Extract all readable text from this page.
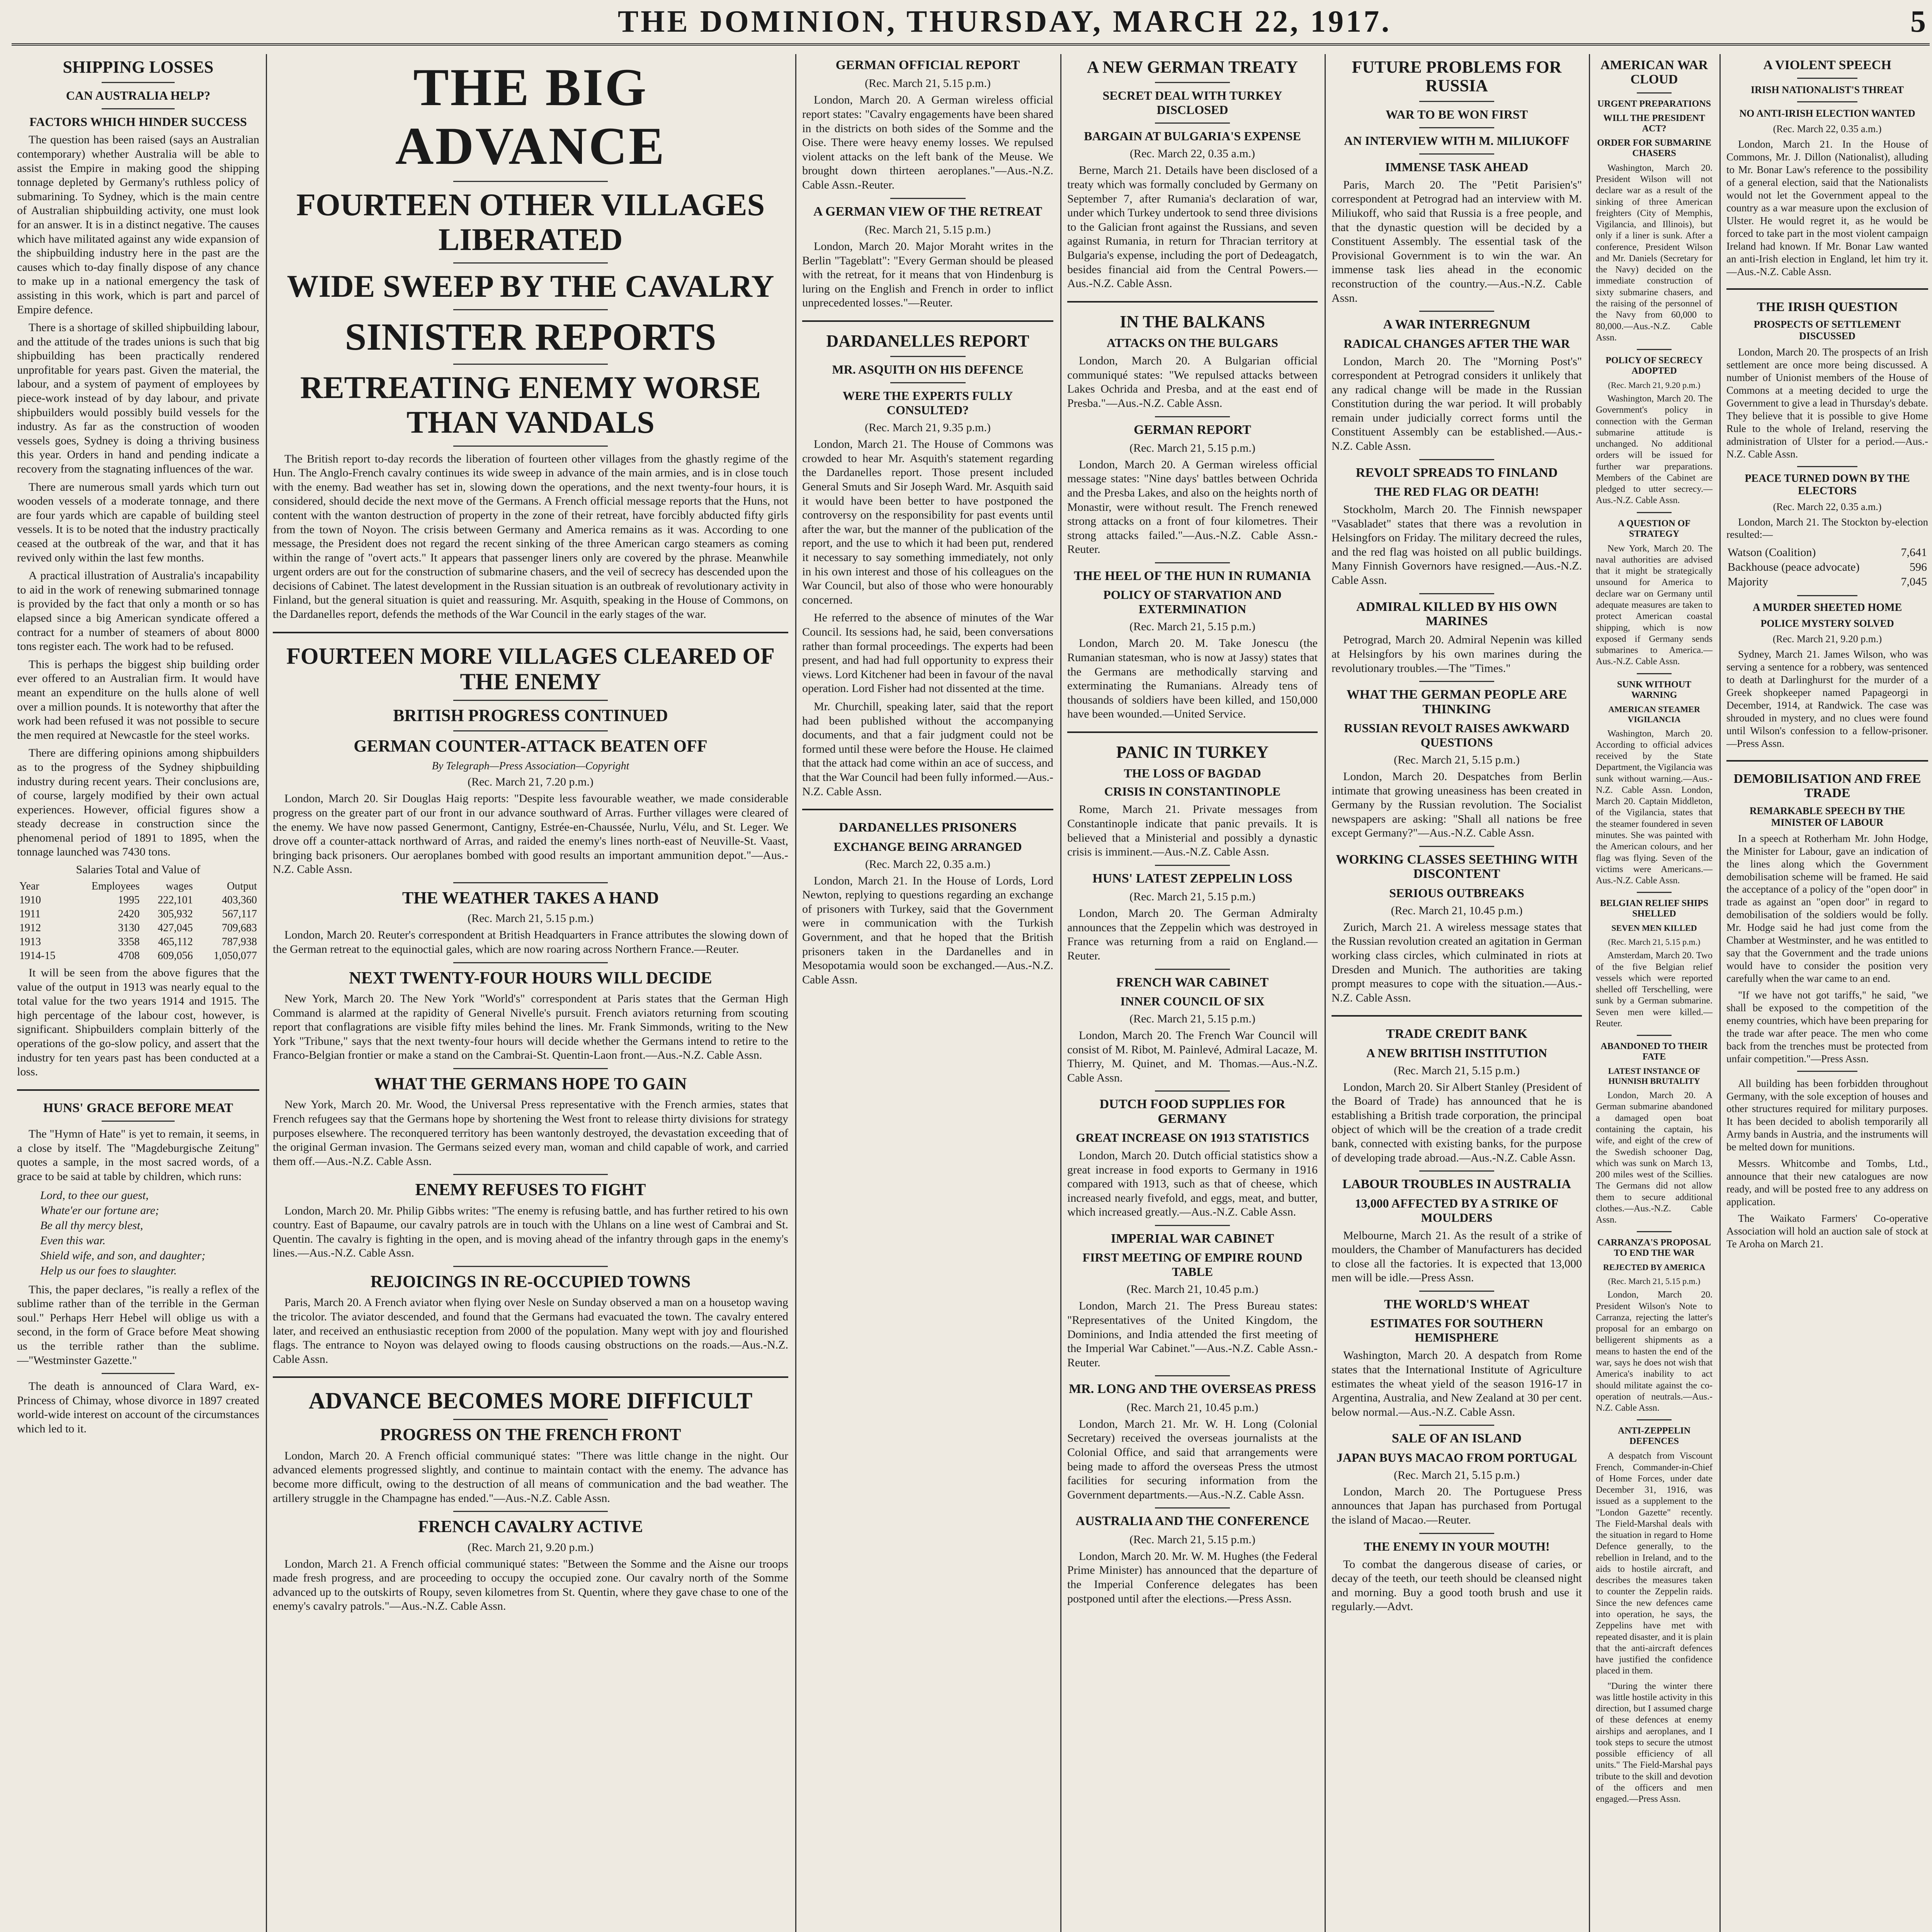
THE DOMINION, THURSDAY, MARCH 22, 1917.	5
SHIPPING LOSSES
CAN AUSTRALIA HELP?
FACTORS WHICH HINDER SUCCESS

The question has been raised (says an Australian contemporary) whether Australia will be able to assist the Empire in making good the shipping tonnage depleted by Germany's ruthless policy of submarining. To Sydney, which is the main centre of Australian shipbuilding activity, one must look for an answer. It is in a distinct negative. The causes which have militated against any wide expansion of the shipbuilding industry here in the past are the causes which to-day finally dispose of any chance to make up in a national emergency the task of assisting in this work, which is part and parcel of Empire defence.

There is a shortage of skilled shipbuilding labour, and the attitude of the trades unions is such that big shipbuilding has been practically rendered unprofitable for years past. Given the material, the labour, and a system of payment of employees by piece-work instead of by day labour, and private shipbuilders would possibly build vessels for the industry. As far as the construction of wooden vessels goes, Sydney is doing a thriving business this year. Orders in hand and pending indicate a recovery from the stagnating influences of the war.

There are numerous small yards which turn out wooden vessels of a moderate tonnage, and there are four yards which are capable of building steel vessels. It is to be noted that the industry practically ceased at the outbreak of the war, and that it has revived only within the last few months.

A practical illustration of Australia's incapability to aid in the work of renewing submarined tonnage is provided by the fact that only a month or so has elapsed since a big American syndicate offered a contract for a number of steamers of about 8000 tons register each. The work had to be refused.

This is perhaps the biggest ship building order ever offered to an Australian firm. It would have meant an expenditure on the hulls alone of well over a million pounds. It is noteworthy that after the work had been refused it was not possible to secure the men required at Newcastle for the steel works.

There are differing opinions among shipbuilders as to the progress of the Sydney shipbuilding industry during recent years. Their conclusions are, of course, largely modified by their own actual experiences. However, official figures show a steady decrease in construction since the phenomenal period of 1891 to 1895, when the tonnage launched was 7430 tons.

Salaries Total and Value of
Year	Employees	wages	Output
1910	1995	222,101	403,360
1911	2420	305,932	567,117
1912	3130	427,045	709,683
1913	3358	465,112	787,938
1914-15	4708	609,056	1,050,077

It will be seen from the above figures that the value of the output in 1913 was nearly equal to the total value for the two years 1914 and 1915. The high percentage of the labour cost, however, is significant. Shipbuilders complain bitterly of the operations of the go-slow policy, and assert that the industry for ten years past has been conducted at a loss.

HUNS' GRACE BEFORE MEAT

The "Hymn of Hate" is yet to remain, it seems, in a close by itself. The "Magdeburgische Zeitung" quotes a sample, in the most sacred words, of a grace to be said at table by children, which runs:

Lord, to thee our guest,
Whate'er our fortune are;
Be all thy mercy blest,
Even this war.
Shield wife, and son, and daughter;
Help us our foes to slaughter.

This, the paper declares, "is really a reflex of the sublime rather than of the terrible in the German soul." Perhaps Herr Hebel will oblige us with a second, in the form of Grace before Meat showing us the terrible rather than the sublime.—"Westminster Gazette."

The death is announced of Clara Ward, ex-Princess of Chimay, whose divorce in 1897 created world-wide interest on account of the circumstances which led to it.

THE BIG ADVANCE
FOURTEEN OTHER VILLAGES LIBERATED
WIDE SWEEP BY THE CAVALRY
SINISTER REPORTS
RETREATING ENEMY WORSE THAN VANDALS

The British report to-day records the liberation of fourteen other villages from the ghastly regime of the Hun. The Anglo-French cavalry continues its wide sweep in advance of the main armies, and is in close touch with the enemy. Bad weather has set in, slowing down the operations, and the next twenty-four hours, it is considered, should decide the next move of the Germans. A French official message reports that the Huns, not content with the wanton destruction of property in the zone of their retreat, have forcibly abducted fifty girls from the town of Noyon. The crisis between Germany and America remains as it was. According to one message, the President does not regard the recent sinking of the three American cargo steamers as coming within the range of "overt acts." It appears that passenger liners only are covered by the phrase. Meanwhile urgent orders are out for the construction of submarine chasers, and the veil of secrecy has descended upon the decisions of Cabinet. The latest development in the Russian situation is an outbreak of revolutionary activity in Finland, but the general situation is quiet and reassuring. Mr. Asquith, speaking in the House of Commons, on the Dardanelles report, defends the methods of the War Council in the early stages of the war.

FOURTEEN MORE VILLAGES CLEARED OF THE ENEMY
BRITISH PROGRESS CONTINUED
GERMAN COUNTER-ATTACK BEATEN OFF
By Telegraph—Press Association—Copyright
(Rec. March 21, 7.20 p.m.)

London, March 20. Sir Douglas Haig reports: "Despite less favourable weather, we made considerable progress on the greater part of our front in our advance southward of Arras. Further villages were cleared of the enemy. We have now passed Genermont, Cantigny, Estrée-en-Chaussée, Nurlu, Vélu, and St. Leger. We drove off a counter-attack northward of Arras, and raided the enemy's lines north-east of Neuville-St. Vaast, bringing back prisoners. Our aeroplanes bombed with good results an important ammunition depot."—Aus.-N.Z. Cable Assn.

THE WEATHER TAKES A HAND
(Rec. March 21, 5.15 p.m.)

London, March 20. Reuter's correspondent at British Headquarters in France attributes the slowing down of the German retreat to the equinoctial gales, which are now roaring across Northern France.—Reuter.

NEXT TWENTY-FOUR HOURS WILL DECIDE

New York, March 20. The New York "World's" correspondent at Paris states that the German High Command is alarmed at the rapidity of General Nivelle's pursuit. French aviators returning from scouting report that conflagrations are visible fifty miles behind the lines. Mr. Frank Simmonds, writing to the New York "Tribune," says that the next twenty-four hours will decide whether the Germans intend to retire to the Franco-Belgian frontier or make a stand on the Cambrai-St. Quentin-Laon front.—Aus.-N.Z. Cable Assn.

WHAT THE GERMANS HOPE TO GAIN

New York, March 20. Mr. Wood, the Universal Press representative with the French armies, states that French refugees say that the Germans hope by shortening the West front to release thirty divisions for strategy purposes elsewhere. The reconquered territory has been wantonly destroyed, the devastation exceeding that of the original German invasion. The Germans seized every man, woman and child capable of work, and carried them off.—Aus.-N.Z. Cable Assn.

ENEMY REFUSES TO FIGHT

London, March 20. Mr. Philip Gibbs writes: "The enemy is refusing battle, and has further retired to his own country. East of Bapaume, our cavalry patrols are in touch with the Uhlans on a line west of Cambrai and St. Quentin. The cavalry is fighting in the open, and is moving ahead of the infantry through gaps in the enemy's lines.—Aus.-N.Z. Cable Assn.

REJOICINGS IN RE-OCCUPIED TOWNS

Paris, March 20. A French aviator when flying over Nesle on Sunday observed a man on a housetop waving the tricolor. The aviator descended, and found that the Germans had evacuated the town. The cavalry entered later, and received an enthusiastic reception from 2000 of the population. Many wept with joy and flourished flags. The entrance to Noyon was delayed owing to floods causing obstructions on the roads.—Aus.-N.Z. Cable Assn.

ADVANCE BECOMES MORE DIFFICULT
PROGRESS ON THE FRENCH FRONT

London, March 20. A French official communiqué states: "There was little change in the night. Our advanced elements progressed slightly, and continue to maintain contact with the enemy. The advance has become more difficult, owing to the destruction of all means of communication and the bad weather. The artillery struggle in the Champagne has ended."—Aus.-N.Z. Cable Assn.

FRENCH CAVALRY ACTIVE
(Rec. March 21, 9.20 p.m.)

London, March 21. A French official communiqué states: "Between the Somme and the Aisne our troops made fresh progress, and are proceeding to occupy the occupied zone. Our cavalry north of the Somme advanced up to the outskirts of Roupy, seven kilometres from St. Quentin, where they gave chase to one of the enemy's cavalry patrols."—Aus.-N.Z. Cable Assn.

GERMAN OFFICIAL REPORT
(Rec. March 21, 5.15 p.m.)

London, March 20. A German wireless official report states: "Cavalry engagements have been shared in the districts on both sides of the Somme and the Oise. There were heavy enemy losses. We repulsed violent attacks on the left bank of the Meuse. We brought down thirteen aeroplanes."—Aus.-N.Z. Cable Assn.-Reuter.

A GERMAN VIEW OF THE RETREAT
(Rec. March 21, 5.15 p.m.)

London, March 20. Major Moraht writes in the Berlin "Tageblatt": "Every German should be pleased with the retreat, for it means that von Hindenburg is luring on the English and French in order to inflict unprecedented losses."—Reuter.

DARDANELLES REPORT
MR. ASQUITH ON HIS DEFENCE
WERE THE EXPERTS FULLY CONSULTED?
(Rec. March 21, 9.35 p.m.)

London, March 21. The House of Commons was crowded to hear Mr. Asquith's statement regarding the Dardanelles report. Those present included General Smuts and Sir Joseph Ward. Mr. Asquith said it would have been better to have postponed the controversy on the responsibility for past events until after the war, but the manner of the publication of the report, and the use to which it had been put, rendered it necessary to say something immediately, not only in his own interest and those of his colleagues on the War Council, but also of those who were honourably concerned.

He referred to the absence of minutes of the War Council. Its sessions had, he said, been conversations rather than formal proceedings. The experts had been present, and had had full opportunity to express their views. Lord Kitchener had been in favour of the naval operation. Lord Fisher had not dissented at the time.

Mr. Churchill, speaking later, said that the report had been published without the accompanying documents, and that a fair judgment could not be formed until these were before the House. He claimed that the attack had come within an ace of success, and that the War Council had been fully informed.—Aus.-N.Z. Cable Assn.

DARDANELLES PRISONERS
EXCHANGE BEING ARRANGED
(Rec. March 22, 0.35 a.m.)

London, March 21. In the House of Lords, Lord Newton, replying to questions regarding an exchange of prisoners with Turkey, said that the Government were in communication with the Turkish Government, and that he hoped that the British prisoners taken in the Dardanelles and in Mesopotamia would soon be exchanged.—Aus.-N.Z. Cable Assn.

A NEW GERMAN TREATY
SECRET DEAL WITH TURKEY DISCLOSED
BARGAIN AT BULGARIA'S EXPENSE
(Rec. March 22, 0.35 a.m.)

Berne, March 21. Details have been disclosed of a treaty which was formally concluded by Germany on September 7, after Rumania's declaration of war, under which Turkey undertook to send three divisions to the Galician front against the Russians, and seven against Rumania, in return for Thracian territory at Bulgaria's expense, including the port of Dedeagatch, besides financial aid from the Central Powers.—Aus.-N.Z. Cable Assn.

IN THE BALKANS
ATTACKS ON THE BULGARS

London, March 20. A Bulgarian official communiqué states: "We repulsed attacks between Lakes Ochrida and Presba, and at the east end of Presba."—Aus.-N.Z. Cable Assn.

GERMAN REPORT
(Rec. March 21, 5.15 p.m.)

London, March 20. A German wireless official message states: "Nine days' battles between Ochrida and the Presba Lakes, and also on the heights north of Monastir, were without result. The French renewed strong attacks on a front of four kilometres. Their strong attacks failed."—Aus.-N.Z. Cable Assn.-Reuter.

THE HEEL OF THE HUN IN RUMANIA
POLICY OF STARVATION AND EXTERMINATION
(Rec. March 21, 5.15 p.m.)

London, March 20. M. Take Jonescu (the Rumanian statesman, who is now at Jassy) states that the Germans are methodically starving and exterminating the Rumanians. Already tens of thousands of soldiers have been killed, and 150,000 have been wounded.—United Service.

PANIC IN TURKEY
THE LOSS OF BAGDAD
CRISIS IN CONSTANTINOPLE

Rome, March 21. Private messages from Constantinople indicate that panic prevails. It is believed that a Ministerial and possibly a dynastic crisis is imminent.—Aus.-N.Z. Cable Assn.

HUNS' LATEST ZEPPELIN LOSS
(Rec. March 21, 5.15 p.m.)

London, March 20. The German Admiralty announces that the Zeppelin which was destroyed in France was returning from a raid on England.—Reuter.

FRENCH WAR CABINET
INNER COUNCIL OF SIX
(Rec. March 21, 5.15 p.m.)

London, March 20. The French War Council will consist of M. Ribot, M. Painlevé, Admiral Lacaze, M. Thierry, M. Quinet, and M. Thomas.—Aus.-N.Z. Cable Assn.

DUTCH FOOD SUPPLIES FOR GERMANY
GREAT INCREASE ON 1913 STATISTICS

London, March 20. Dutch official statistics show a great increase in food exports to Germany in 1916 compared with 1913, such as that of cheese, which increased nearly fivefold, and eggs, meat, and butter, which increased greatly.—Aus.-N.Z. Cable Assn.

IMPERIAL WAR CABINET
FIRST MEETING OF EMPIRE ROUND TABLE
(Rec. March 21, 10.45 p.m.)

London, March 21. The Press Bureau states: "Representatives of the United Kingdom, the Dominions, and India attended the first meeting of the Imperial War Cabinet."—Aus.-N.Z. Cable Assn.-Reuter.

MR. LONG AND THE OVERSEAS PRESS
(Rec. March 21, 10.45 p.m.)

London, March 21. Mr. W. H. Long (Colonial Secretary) received the overseas journalists at the Colonial Office, and said that arrangements were being made to afford the overseas Press the utmost facilities for securing information from the Government departments.—Aus.-N.Z. Cable Assn.

AUSTRALIA AND THE CONFERENCE
(Rec. March 21, 5.15 p.m.)

London, March 20. Mr. W. M. Hughes (the Federal Prime Minister) has announced that the departure of the Imperial Conference delegates has been postponed until after the elections.—Press Assn.

FUTURE PROBLEMS FOR RUSSIA
WAR TO BE WON FIRST
AN INTERVIEW WITH M. MILIUKOFF
IMMENSE TASK AHEAD

Paris, March 20. The "Petit Parisien's" correspondent at Petrograd had an interview with M. Miliukoff, who said that Russia is a free people, and that the dynastic question will be decided by a Constituent Assembly. The essential task of the Provisional Government is to win the war. An immense task lies ahead in the economic reconstruction of the country.—Aus.-N.Z. Cable Assn.

A WAR INTERREGNUM
RADICAL CHANGES AFTER THE WAR

London, March 20. The "Morning Post's" correspondent at Petrograd considers it unlikely that any radical change will be made in the Russian Constitution during the war period. It will probably remain under judicially correct forms until the Constituent Assembly can be established.—Aus.-N.Z. Cable Assn.

REVOLT SPREADS TO FINLAND
THE RED FLAG OR DEATH!

Stockholm, March 20. The Finnish newspaper "Vasabladet" states that there was a revolution in Helsingfors on Friday. The military decreed the rules, and the red flag was hoisted on all public buildings. Many Finnish Governors have resigned.—Aus.-N.Z. Cable Assn.

ADMIRAL KILLED BY HIS OWN MARINES

Petrograd, March 20. Admiral Nepenin was killed at Helsingfors by his own marines during the revolutionary troubles.—The "Times."

WHAT THE GERMAN PEOPLE ARE THINKING
RUSSIAN REVOLT RAISES AWKWARD QUESTIONS
(Rec. March 21, 5.15 p.m.)

London, March 20. Despatches from Berlin intimate that growing uneasiness has been created in Germany by the Russian revolution. The Socialist newspapers are asking: "Shall all nations be free except Germany?"—Aus.-N.Z. Cable Assn.

WORKING CLASSES SEETHING WITH DISCONTENT
SERIOUS OUTBREAKS
(Rec. March 21, 10.45 p.m.)

Zurich, March 21. A wireless message states that the Russian revolution created an agitation in German working class circles, which culminated in riots at Dresden and Munich. The authorities are taking prompt measures to cope with the situation.—Aus.-N.Z. Cable Assn.

TRADE CREDIT BANK
A NEW BRITISH INSTITUTION
(Rec. March 21, 5.15 p.m.)

London, March 20. Sir Albert Stanley (President of the Board of Trade) has announced that he is establishing a British trade corporation, the principal object of which will be the creation of a trade credit bank, connected with existing banks, for the purpose of developing trade abroad.—Aus.-N.Z. Cable Assn.

LABOUR TROUBLES IN AUSTRALIA
13,000 AFFECTED BY A STRIKE OF MOULDERS

Melbourne, March 21. As the result of a strike of moulders, the Chamber of Manufacturers has decided to close all the factories. It is expected that 13,000 men will be idle.—Press Assn.

THE WORLD'S WHEAT
ESTIMATES FOR SOUTHERN HEMISPHERE

Washington, March 20. A despatch from Rome states that the International Institute of Agriculture estimates the wheat yield of the season 1916-17 in Argentina, Australia, and New Zealand at 30 per cent. below normal.—Aus.-N.Z. Cable Assn.

SALE OF AN ISLAND
JAPAN BUYS MACAO FROM PORTUGAL
(Rec. March 21, 5.15 p.m.)

London, March 20. The Portuguese Press announces that Japan has purchased from Portugal the island of Macao.—Reuter.

THE ENEMY IN YOUR MOUTH!

To combat the dangerous disease of caries, or decay of the teeth, our teeth should be cleansed night and morning. Buy a good tooth brush and use it regularly.—Advt.

AMERICAN WAR CLOUD
URGENT PREPARATIONS
WILL THE PRESIDENT ACT?
ORDER FOR SUBMARINE CHASERS

Washington, March 20. President Wilson will not declare war as a result of the sinking of three American freighters (City of Memphis, Vigilancia, and Illinois), but only if a liner is sunk. After a conference, President Wilson and Mr. Daniels (Secretary for the Navy) decided on the immediate construction of sixty submarine chasers, and the raising of the personnel of the Navy from 60,000 to 80,000.—Aus.-N.Z. Cable Assn.

POLICY OF SECRECY ADOPTED
(Rec. March 21, 9.20 p.m.)

Washington, March 20. The Government's policy in connection with the German submarine attitude is unchanged. No additional orders will be issued for further war preparations. Members of the Cabinet are pledged to utter secrecy.—Aus.-N.Z. Cable Assn.

A QUESTION OF STRATEGY

New York, March 20. The naval authorities are advised that it might be strategically unsound for America to declare war on Germany until adequate measures are taken to protect American coastal shipping, which is now exposed if Germany sends submarines to America.—Aus.-N.Z. Cable Assn.

SUNK WITHOUT WARNING
AMERICAN STEAMER VIGILANCIA

Washington, March 20. According to official advices received by the State Department, the Vigilancia was sunk without warning.—Aus.-N.Z. Cable Assn. London, March 20. Captain Middleton, of the Vigilancia, states that the steamer foundered in seven minutes. She was painted with the American colours, and her flag was flying. Seven of the victims were Americans.—Aus.-N.Z. Cable Assn.

BELGIAN RELIEF SHIPS SHELLED
SEVEN MEN KILLED
(Rec. March 21, 5.15 p.m.)

Amsterdam, March 20. Two of the five Belgian relief vessels which were reported shelled off Terschelling, were sunk by a German submarine. Seven men were killed.—Reuter.

ABANDONED TO THEIR FATE
LATEST INSTANCE OF HUNNISH BRUTALITY

London, March 20. A German submarine abandoned a damaged open boat containing the captain, his wife, and eight of the crew of the Swedish schooner Dag, which was sunk on March 13, 200 miles west of the Scillies. The Germans did not allow them to secure additional clothes.—Aus.-N.Z. Cable Assn.

CARRANZA'S PROPOSAL TO END THE WAR
REJECTED BY AMERICA
(Rec. March 21, 5.15 p.m.)

London, March 20. President Wilson's Note to Carranza, rejecting the latter's proposal for an embargo on belligerent shipments as a means to hasten the end of the war, says he does not wish that America's inability to act should militate against the co-operation of neutrals.—Aus.-N.Z. Cable Assn.

ANTI-ZEPPELIN DEFENCES

A despatch from Viscount French, Commander-in-Chief of Home Forces, under date December 31, 1916, was issued as a supplement to the "London Gazette" recently. The Field-Marshal deals with the situation in regard to Home Defence generally, to the rebellion in Ireland, and to the aids to hostile aircraft, and describes the measures taken to counter the Zeppelin raids. Since the new defences came into operation, he says, the Zeppelins have met with repeated disaster, and it is plain that the anti-aircraft defences have justified the confidence placed in them.

"During the winter there was little hostile activity in this direction, but I assumed charge of these defences at enemy airships and aeroplanes, and I took steps to secure the utmost possible efficiency of all units." The Field-Marshal pays tribute to the skill and devotion of the officers and men engaged.—Press Assn.

A VIOLENT SPEECH
IRISH NATIONALIST'S THREAT
NO ANTI-IRISH ELECTION WANTED
(Rec. March 22, 0.35 a.m.)

London, March 21. In the House of Commons, Mr. J. Dillon (Nationalist), alluding to Mr. Bonar Law's reference to the possibility of a general election, said that the Nationalists would not let the Government appeal to the country as a war measure upon the exclusion of Ulster. He would regret it, as he would be forced to take part in the most violent campaign Ireland had known. If Mr. Bonar Law wanted an anti-Irish election in England, let him try it.—Aus.-N.Z. Cable Assn.

THE IRISH QUESTION
PROSPECTS OF SETTLEMENT DISCUSSED

London, March 20. The prospects of an Irish settlement are once more being discussed. A number of Unionist members of the House of Commons at a meeting decided to urge the Government to give a lead in Thursday's debate. They believe that it is possible to give Home Rule to the whole of Ireland, reserving the administration of Ulster for a period.—Aus.-N.Z. Cable Assn.

PEACE TURNED DOWN BY THE ELECTORS
(Rec. March 22, 0.35 a.m.)

London, March 21. The Stockton by-election resulted:—

Watson (Coalition)	7,641
Backhouse (peace advocate)	596
Majority	7,045
A MURDER SHEETED HOME
POLICE MYSTERY SOLVED
(Rec. March 21, 9.20 p.m.)

Sydney, March 21. James Wilson, who was serving a sentence for a robbery, was sentenced to death at Darlinghurst for the murder of a Greek shopkeeper named Papageorgi in December, 1914, at Randwick. The case was shrouded in mystery, and no clues were found until Wilson's confession to a fellow-prisoner.—Press Assn.

DEMOBILISATION AND FREE TRADE
REMARKABLE SPEECH BY THE MINISTER OF LABOUR

In a speech at Rotherham Mr. John Hodge, the Minister for Labour, gave an indication of the lines along which the Government demobilisation scheme will be framed. He said the acceptance of a policy of the "open door" in trade as against an "open door" in regard to demobilisation of the soldiers would be folly. Mr. Hodge said he had just come from the Chamber at Westminster, and he was entitled to say that the Government and the trade unions would have to consider the position very carefully when the war came to an end.

"If we have not got tariffs," he said, "we shall be exposed to the competition of the enemy countries, which have been preparing for the trade war after peace. The men who come back from the trenches must be protected from unfair competition."—Press Assn.

All building has been forbidden throughout Germany, with the sole exception of houses and other structures required for military purposes. It has been decided to abolish temporarily all Army bands in Austria, and the instruments will be melted down for munitions.

Messrs. Whitcombe and Tombs, Ltd., announce that their new catalogues are now ready, and will be posted free to any address on application.

The Waikato Farmers' Co-operative Association will hold an auction sale of stock at Te Aroha on March 21.
